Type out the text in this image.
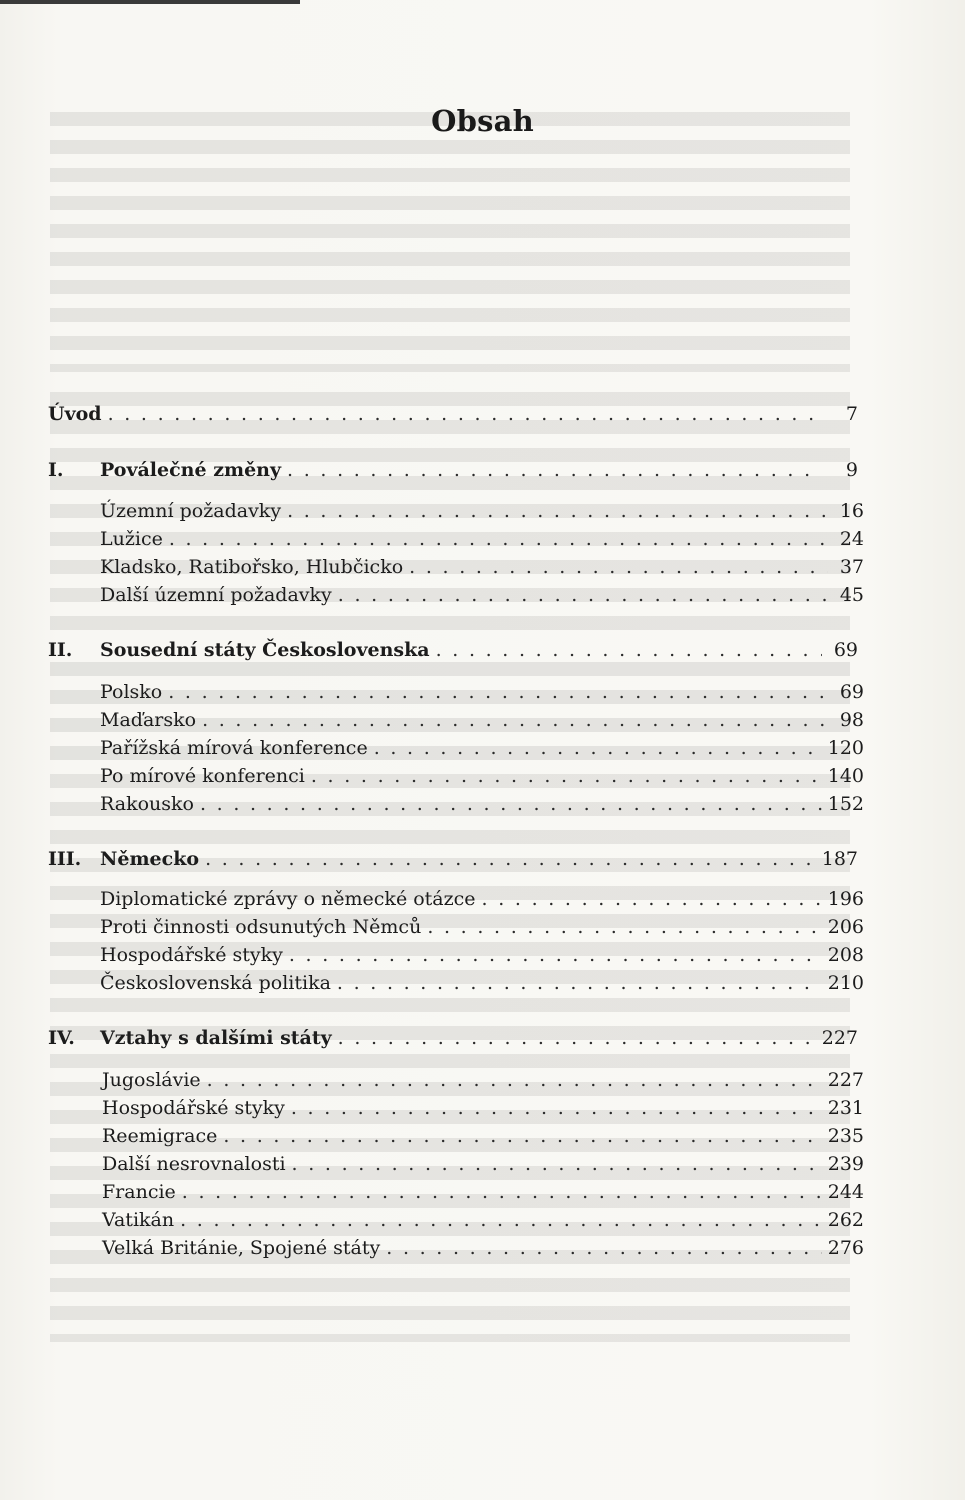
Obsah
Úvod . . .	7
I.	Poválečné změny . . .	9
Územní požadavky . . .	16
Lužice . . .	24
Kladsko, Ratibořsko, Hlubčicko . . .	37
Další územní požadavky . . .	45
II.	Sousední státy Československa . . .	69
Polsko . . .	69
Maďarsko . . .	98
Pařížská mírová konference . . .	120
Po mírové konferenci . . .	140
Rakousko . . .	152
III. Německo . . .	187
Diplomatické zprávy o německé otázce . . .	196
Proti činnosti odsunutých Němců . . .	206
Hospodářské styky . . .	208
Československá politika . . .	210
IV.	Vztahy s dalšími státy . . .	227
Jugoslávie . . .	227
Hospodářské styky . . .	231
Reemigrace . . .	235
Další nesrovnalosti . . .	239
Francie . . .	244
Vatikán . . .	262
Velká Británie, Spojené státy . . .	276
